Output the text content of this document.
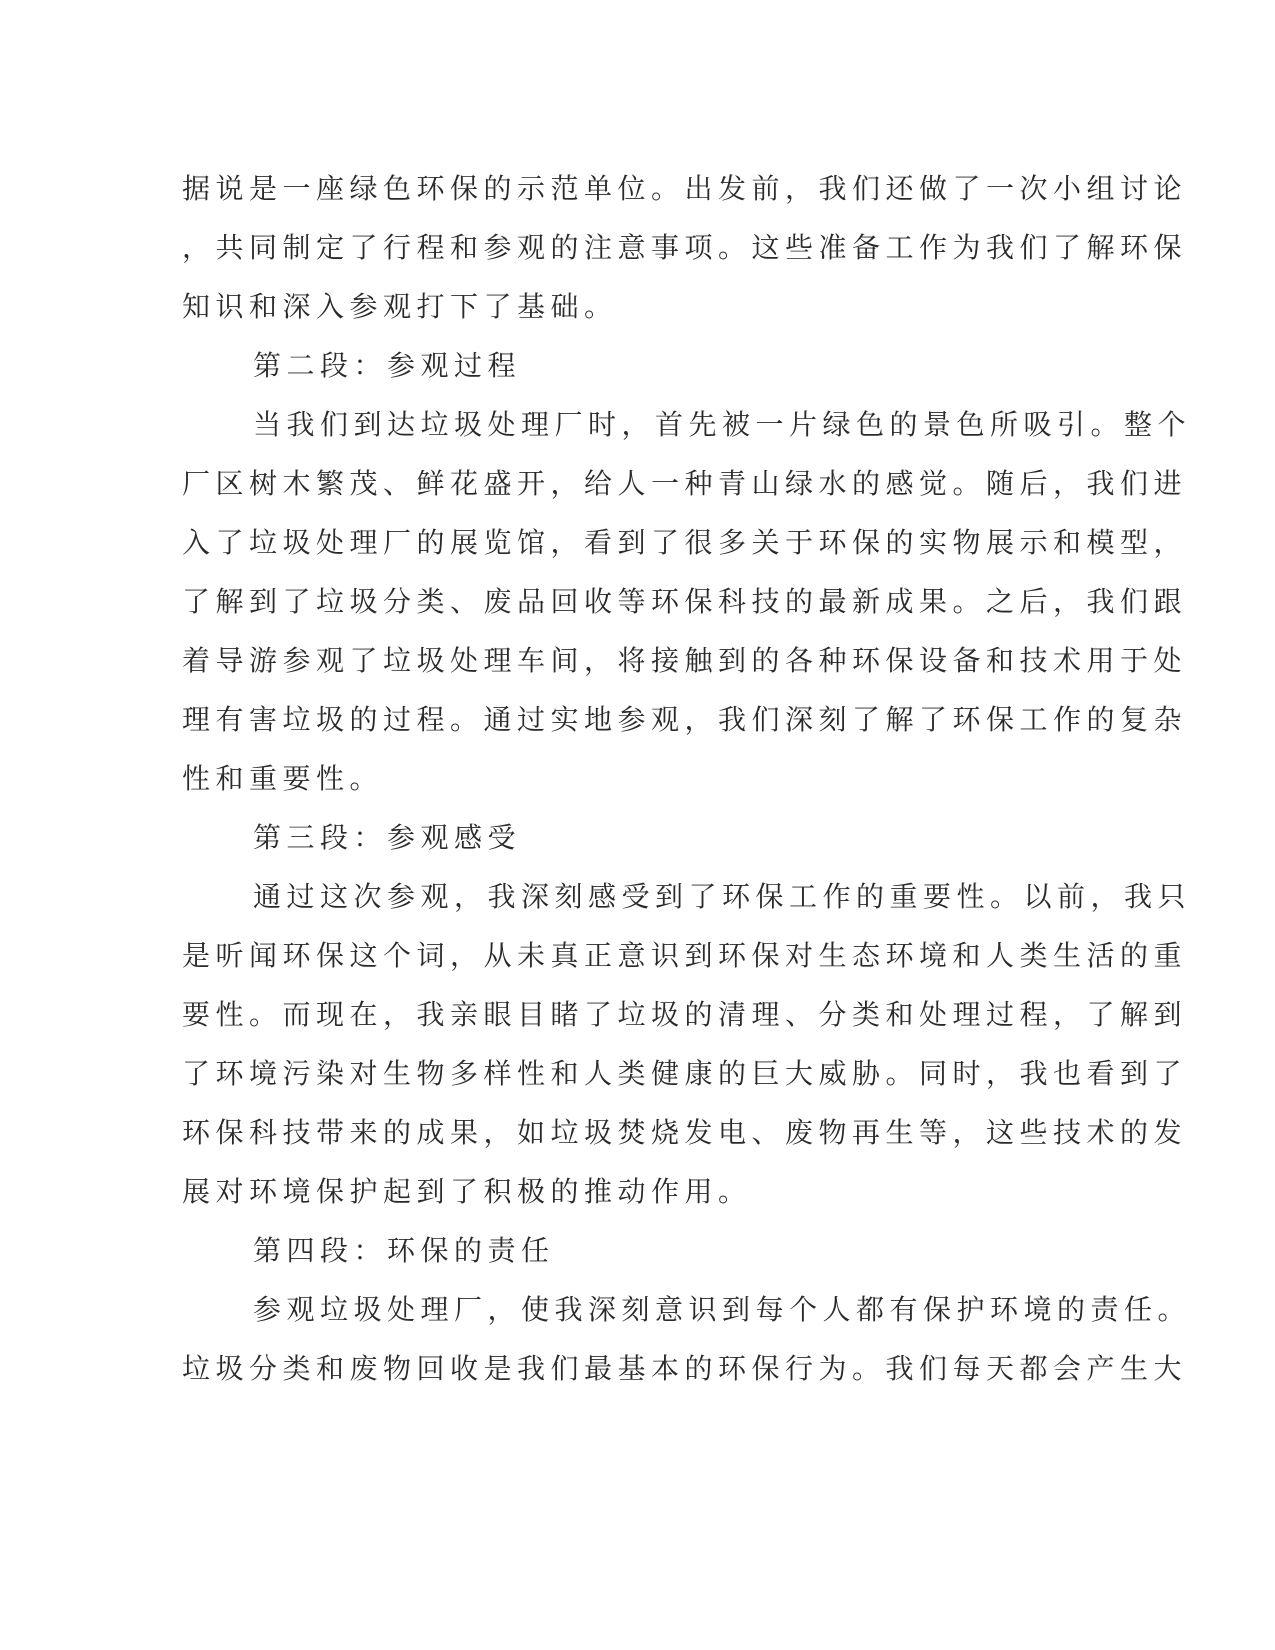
据说是一座绿色环保的示范单位。出发前，我们还做了一次小组讨论
，共同制定了行程和参观的注意事项。这些准备工作为我们了解环保
知识和深入参观打下了基础。
第二段：参观过程
当我们到达垃圾处理厂时，首先被一片绿色的景色所吸引。整个
厂区树木繁茂、鲜花盛开，给人一种青山绿水的感觉。随后，我们进
入了垃圾处理厂的展览馆，看到了很多关于环保的实物展示和模型，
了解到了垃圾分类、废品回收等环保科技的最新成果。之后，我们跟
着导游参观了垃圾处理车间，将接触到的各种环保设备和技术用于处
理有害垃圾的过程。通过实地参观，我们深刻了解了环保工作的复杂
性和重要性。
第三段：参观感受
通过这次参观，我深刻感受到了环保工作的重要性。以前，我只
是听闻环保这个词，从未真正意识到环保对生态环境和人类生活的重
要性。而现在，我亲眼目睹了垃圾的清理、分类和处理过程，了解到
了环境污染对生物多样性和人类健康的巨大威胁。同时，我也看到了
环保科技带来的成果，如垃圾焚烧发电、废物再生等，这些技术的发
展对环境保护起到了积极的推动作用。
第四段：环保的责任
参观垃圾处理厂，使我深刻意识到每个人都有保护环境的责任。
垃圾分类和废物回收是我们最基本的环保行为。我们每天都会产生大
